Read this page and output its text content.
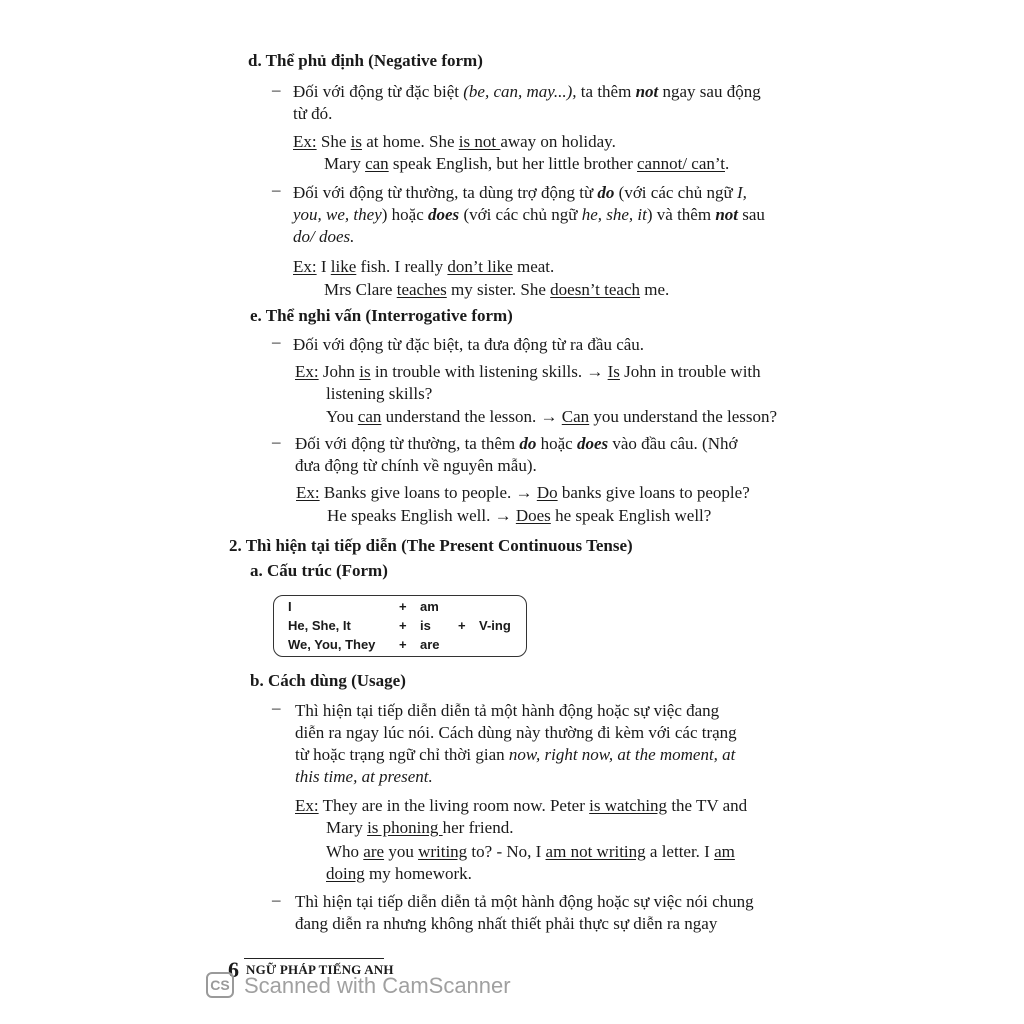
d. Thể phủ định (Negative form)
– Đối với động từ đặc biệt (be, can, may...), ta thêm not ngay sau động
từ đó.
Ex: She is at home. She is not away on holiday.
Mary can speak English, but her little brother cannot/ can’t.
– Đối với động từ thường, ta dùng trợ động từ do (với các chủ ngữ I,
you, we, they) hoặc does (với các chủ ngữ he, she, it) và thêm not sau
do/ does.
Ex: I like fish. I really don’t like meat.
Mrs Clare teaches my sister. She doesn’t teach me.
e. Thể nghi vấn (Interrogative form)
– Đối với động từ đặc biệt, ta đưa động từ ra đầu câu.
Ex: John is in trouble with listening skills. → Is John in trouble with
listening skills?
You can understand the lesson. → Can you understand the lesson?
– Đối với động từ thường, ta thêm do hoặc does vào đầu câu. (Nhớ
đưa động từ chính về nguyên mẫu).
Ex: Banks give loans to people. → Do banks give loans to people?
He speaks English well. → Does he speak English well?
2. Thì hiện tại tiếp diễn (The Present Continuous Tense)
a. Cấu trúc (Form)
I	+ am
He, She, It	+ is + V-ing
We, You, They + are
b. Cách dùng (Usage)
– Thì hiện tại tiếp diễn diễn tả một hành động hoặc sự việc đang
diễn ra ngay lúc nói. Cách dùng này thường đi kèm với các trạng
từ hoặc trạng ngữ chỉ thời gian now, right now, at the moment, at
this time, at present.
Ex: They are in the living room now. Peter is watching the TV and
Mary is phoning her friend.
Who are you writing to? - No, I am not writing a letter. I am
doing my homework.
– Thì hiện tại tiếp diễn diễn tả một hành động hoặc sự việc nói chung
đang diễn ra nhưng không nhất thiết phải thực sự diễn ra ngay
6 NGỮ PHÁP TIẾNG ANH
CS Scanned with CamScanner
